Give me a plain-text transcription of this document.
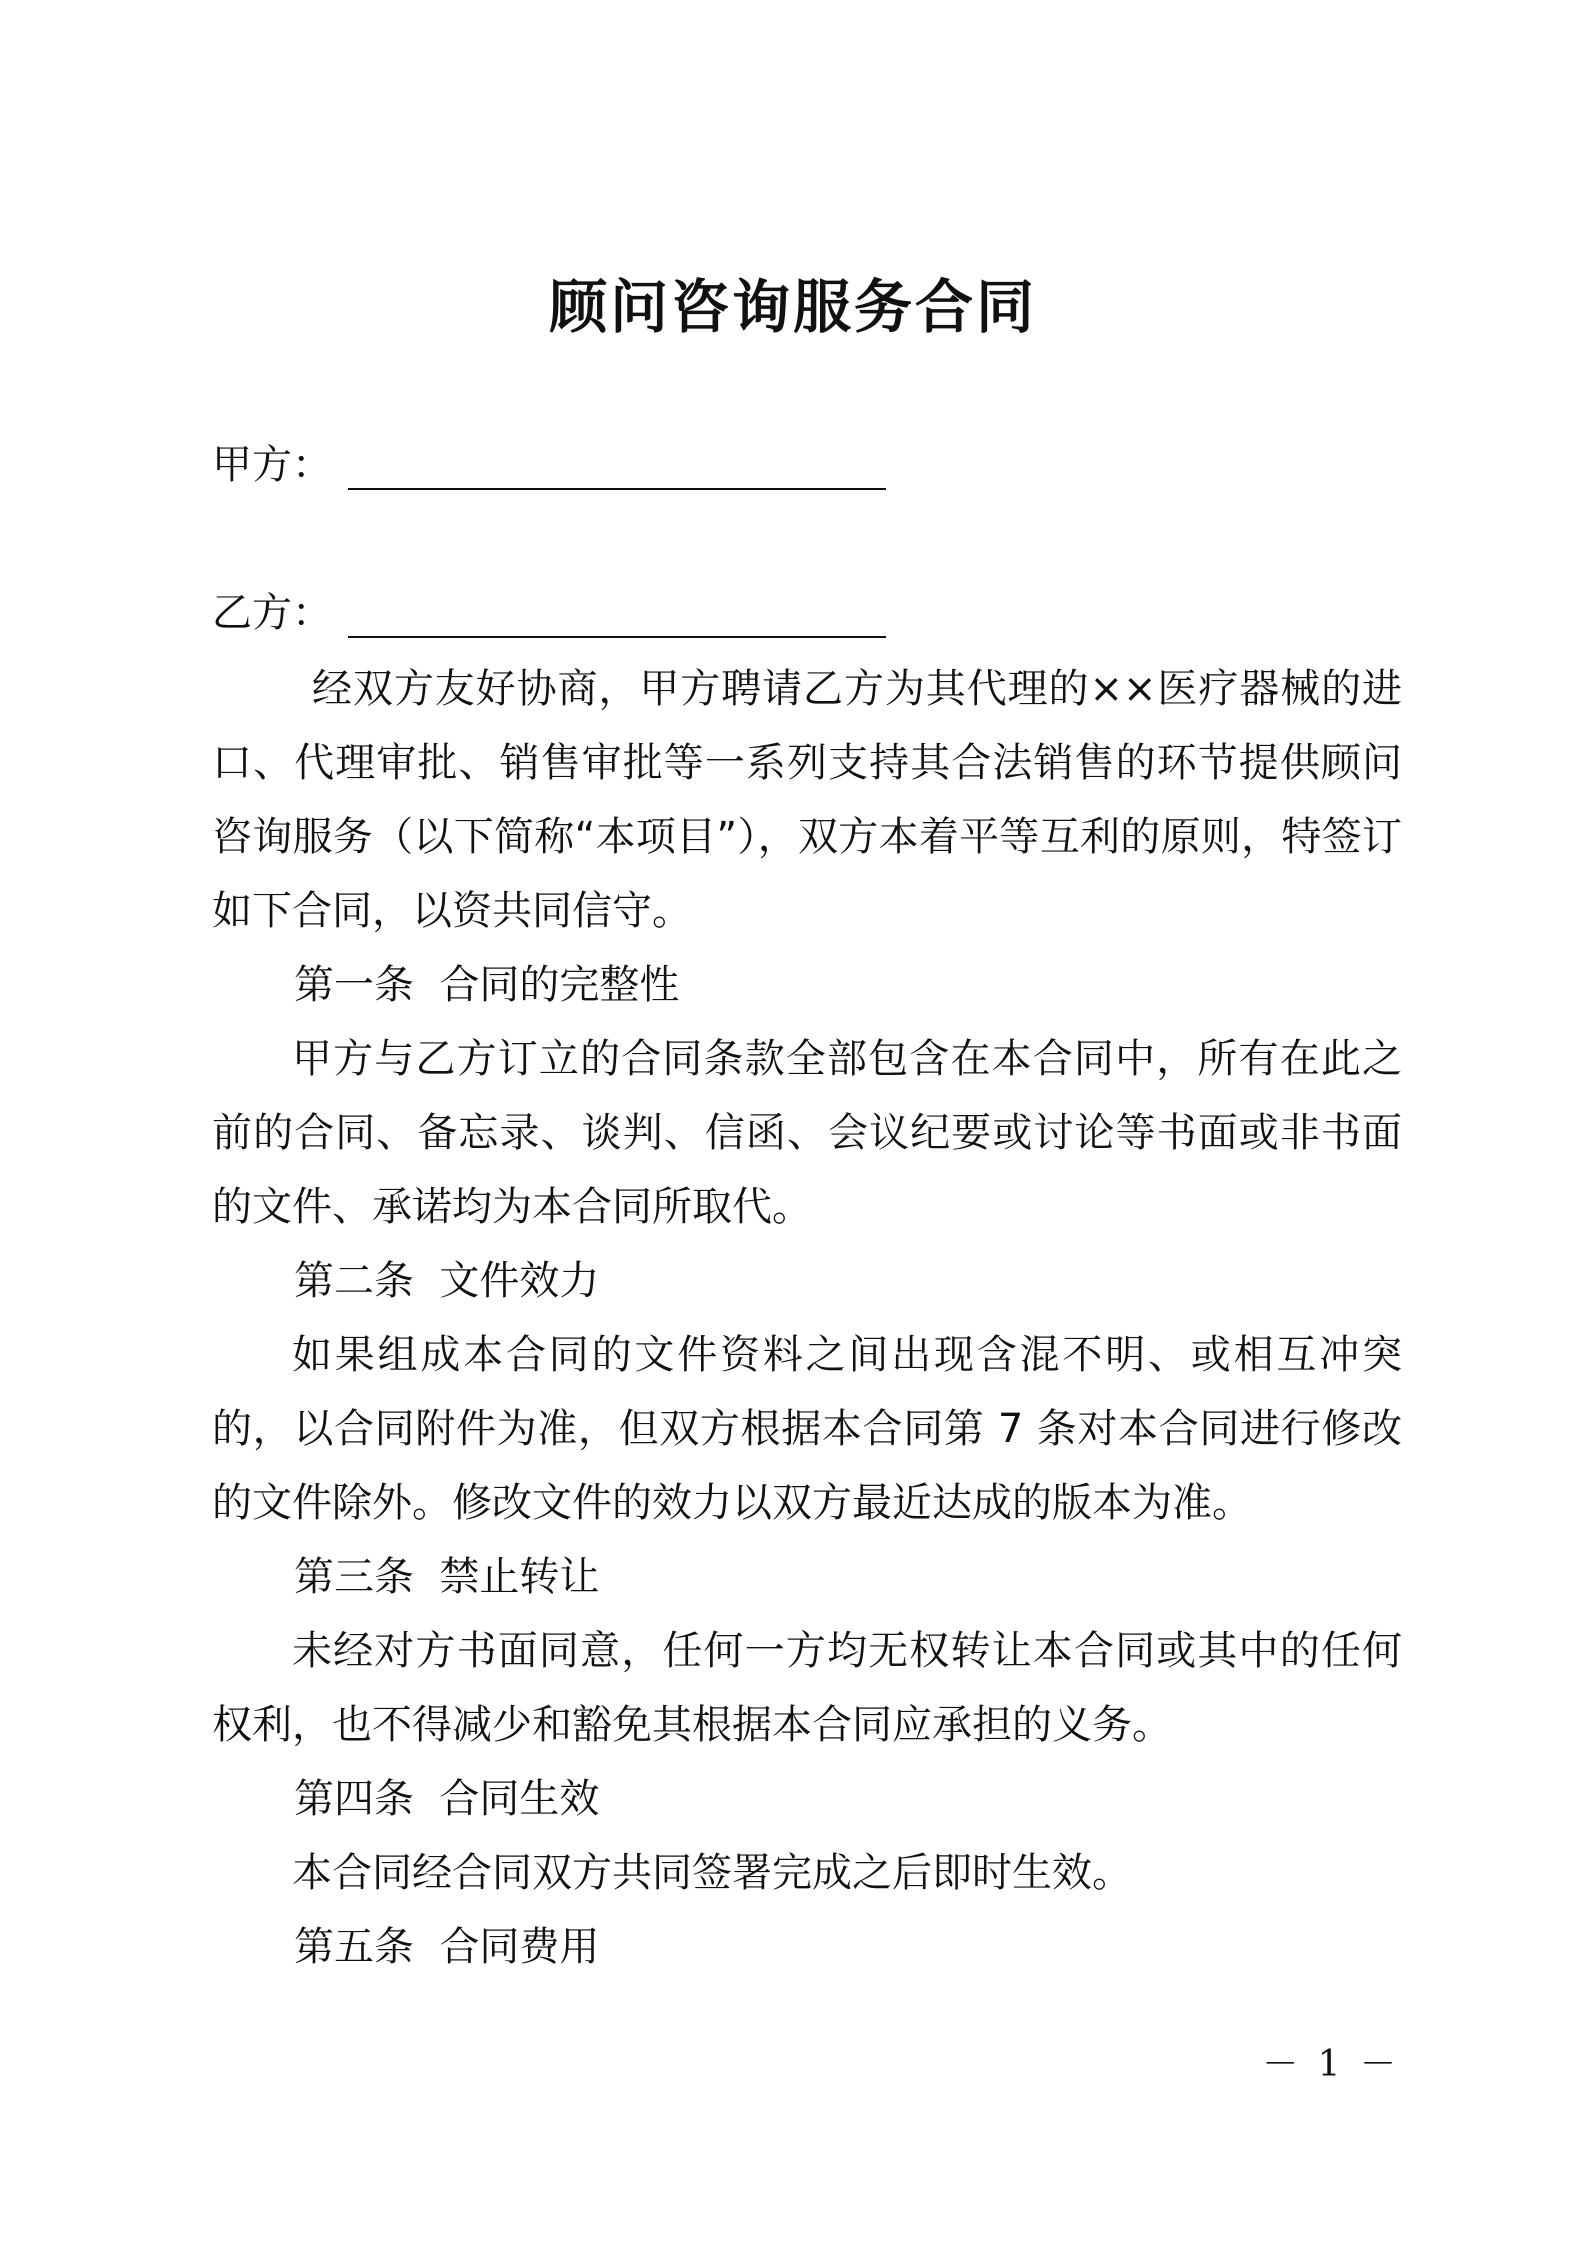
顾问咨询服务合同
甲方：
乙方：

经双方友好协商，甲方聘请乙方为其代理的××医疗器械的进口、代理审批、销售审批等一系列支持其合法销售的环节提供顾问咨询服务（以下简称“本项目”），双方本着平等互利的原则，特签订如下合同，以资共同信守。

第一条  合同的完整性

甲方与乙方订立的合同条款全部包含在本合同中，所有在此之前的合同、备忘录、谈判、信函、会议纪要或讨论等书面或非书面的文件、承诺均为本合同所取代。

第二条  文件效力

如果组成本合同的文件资料之间出现含混不明、或相互冲突的，以合同附件为准，但双方根据本合同第 7 条对本合同进行修改的文件除外。修改文件的效力以双方最近达成的版本为准。

第三条  禁止转让

未经对方书面同意，任何一方均无权转让本合同或其中的任何权利，也不得减少和豁免其根据本合同应承担的义务。

第四条  合同生效

本合同经合同双方共同签署完成之后即时生效。

第五条  合同费用
－ 1 －
